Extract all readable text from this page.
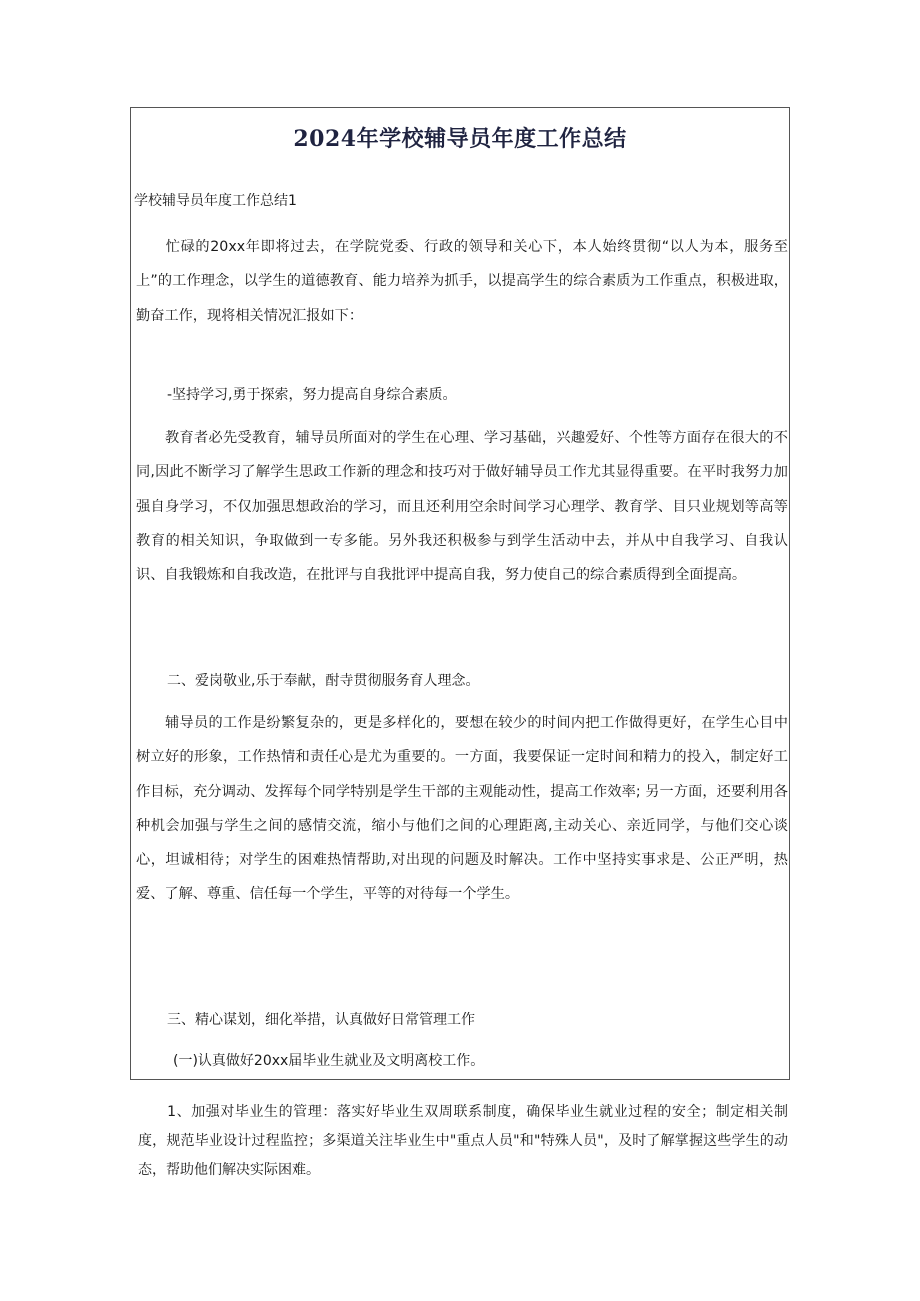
2024年学校辅导员年度工作总结
学校辅导员年度工作总结1

　　忙碌的20xx年即将过去，在学院党委、行政的领导和关心下，本人始终贯彻“以人为本，服务至上”的工作理念，以学生的道德教育、能力培养为抓手，以提高学生的综合素质为工作重点，积极进取，勤奋工作，现将相关情况汇报如下：

-坚持学习,勇于探索，努力提高自身综合素质。

　　教育者必先受教育，辅导员所面对的学生在心理、学习基础，兴趣爱好、个性等方面存在很大的不同,因此不断学习了解学生思政工作新的理念和技巧对于做好辅导员工作尤其显得重要。在平时我努力加强自身学习，不仅加强思想政治的学习，而且还利用空余时间学习心理学、教育学、目只业规划等高等教育的相关知识，争取做到一专多能。另外我还积极参与到学生活动中去，并从中自我学习、自我认识、自我锻炼和自我改造，在批评与自我批评中提高自我，努力使自己的综合素质得到全面提高。

二、爱岗敬业,乐于奉献，酎寺贯彻服务育人理念。

　　辅导员的工作是纷繁复杂的，更是多样化的，要想在较少的时间内把工作做得更好，在学生心目中树立好的形象，工作热情和责任心是尤为重要的。一方面，我要保证一定时间和精力的投入，制定好工作目标，充分调动、发挥每个同学特别是学生干部的主观能动性，提高工作效率; 另一方面，还要利用各种机会加强与学生之间的感情交流，缩小与他们之间的心理距离,主动关心、亲近同学，与他们交心谈心，坦诚相待；对学生的困难热情帮助,对出现的问题及时解决。工作中坚持实事求是、公正严明，热爱、了解、尊重、信任每一个学生，平等的对待每一个学生。

三、精心谋划，细化举措，认真做好日常管理工作
(一)认真做好20xx届毕业生就业及文明离校工作。

　　1、加强对毕业生的管理：落实好毕业生双周联系制度，确保毕业生就业过程的安全；制定相关制度，规范毕业设计过程监控；多渠道关注毕业生中"重点人员"和"特殊人员"，及时了解掌握这些学生的动态，帮助他们解决实际困难。
